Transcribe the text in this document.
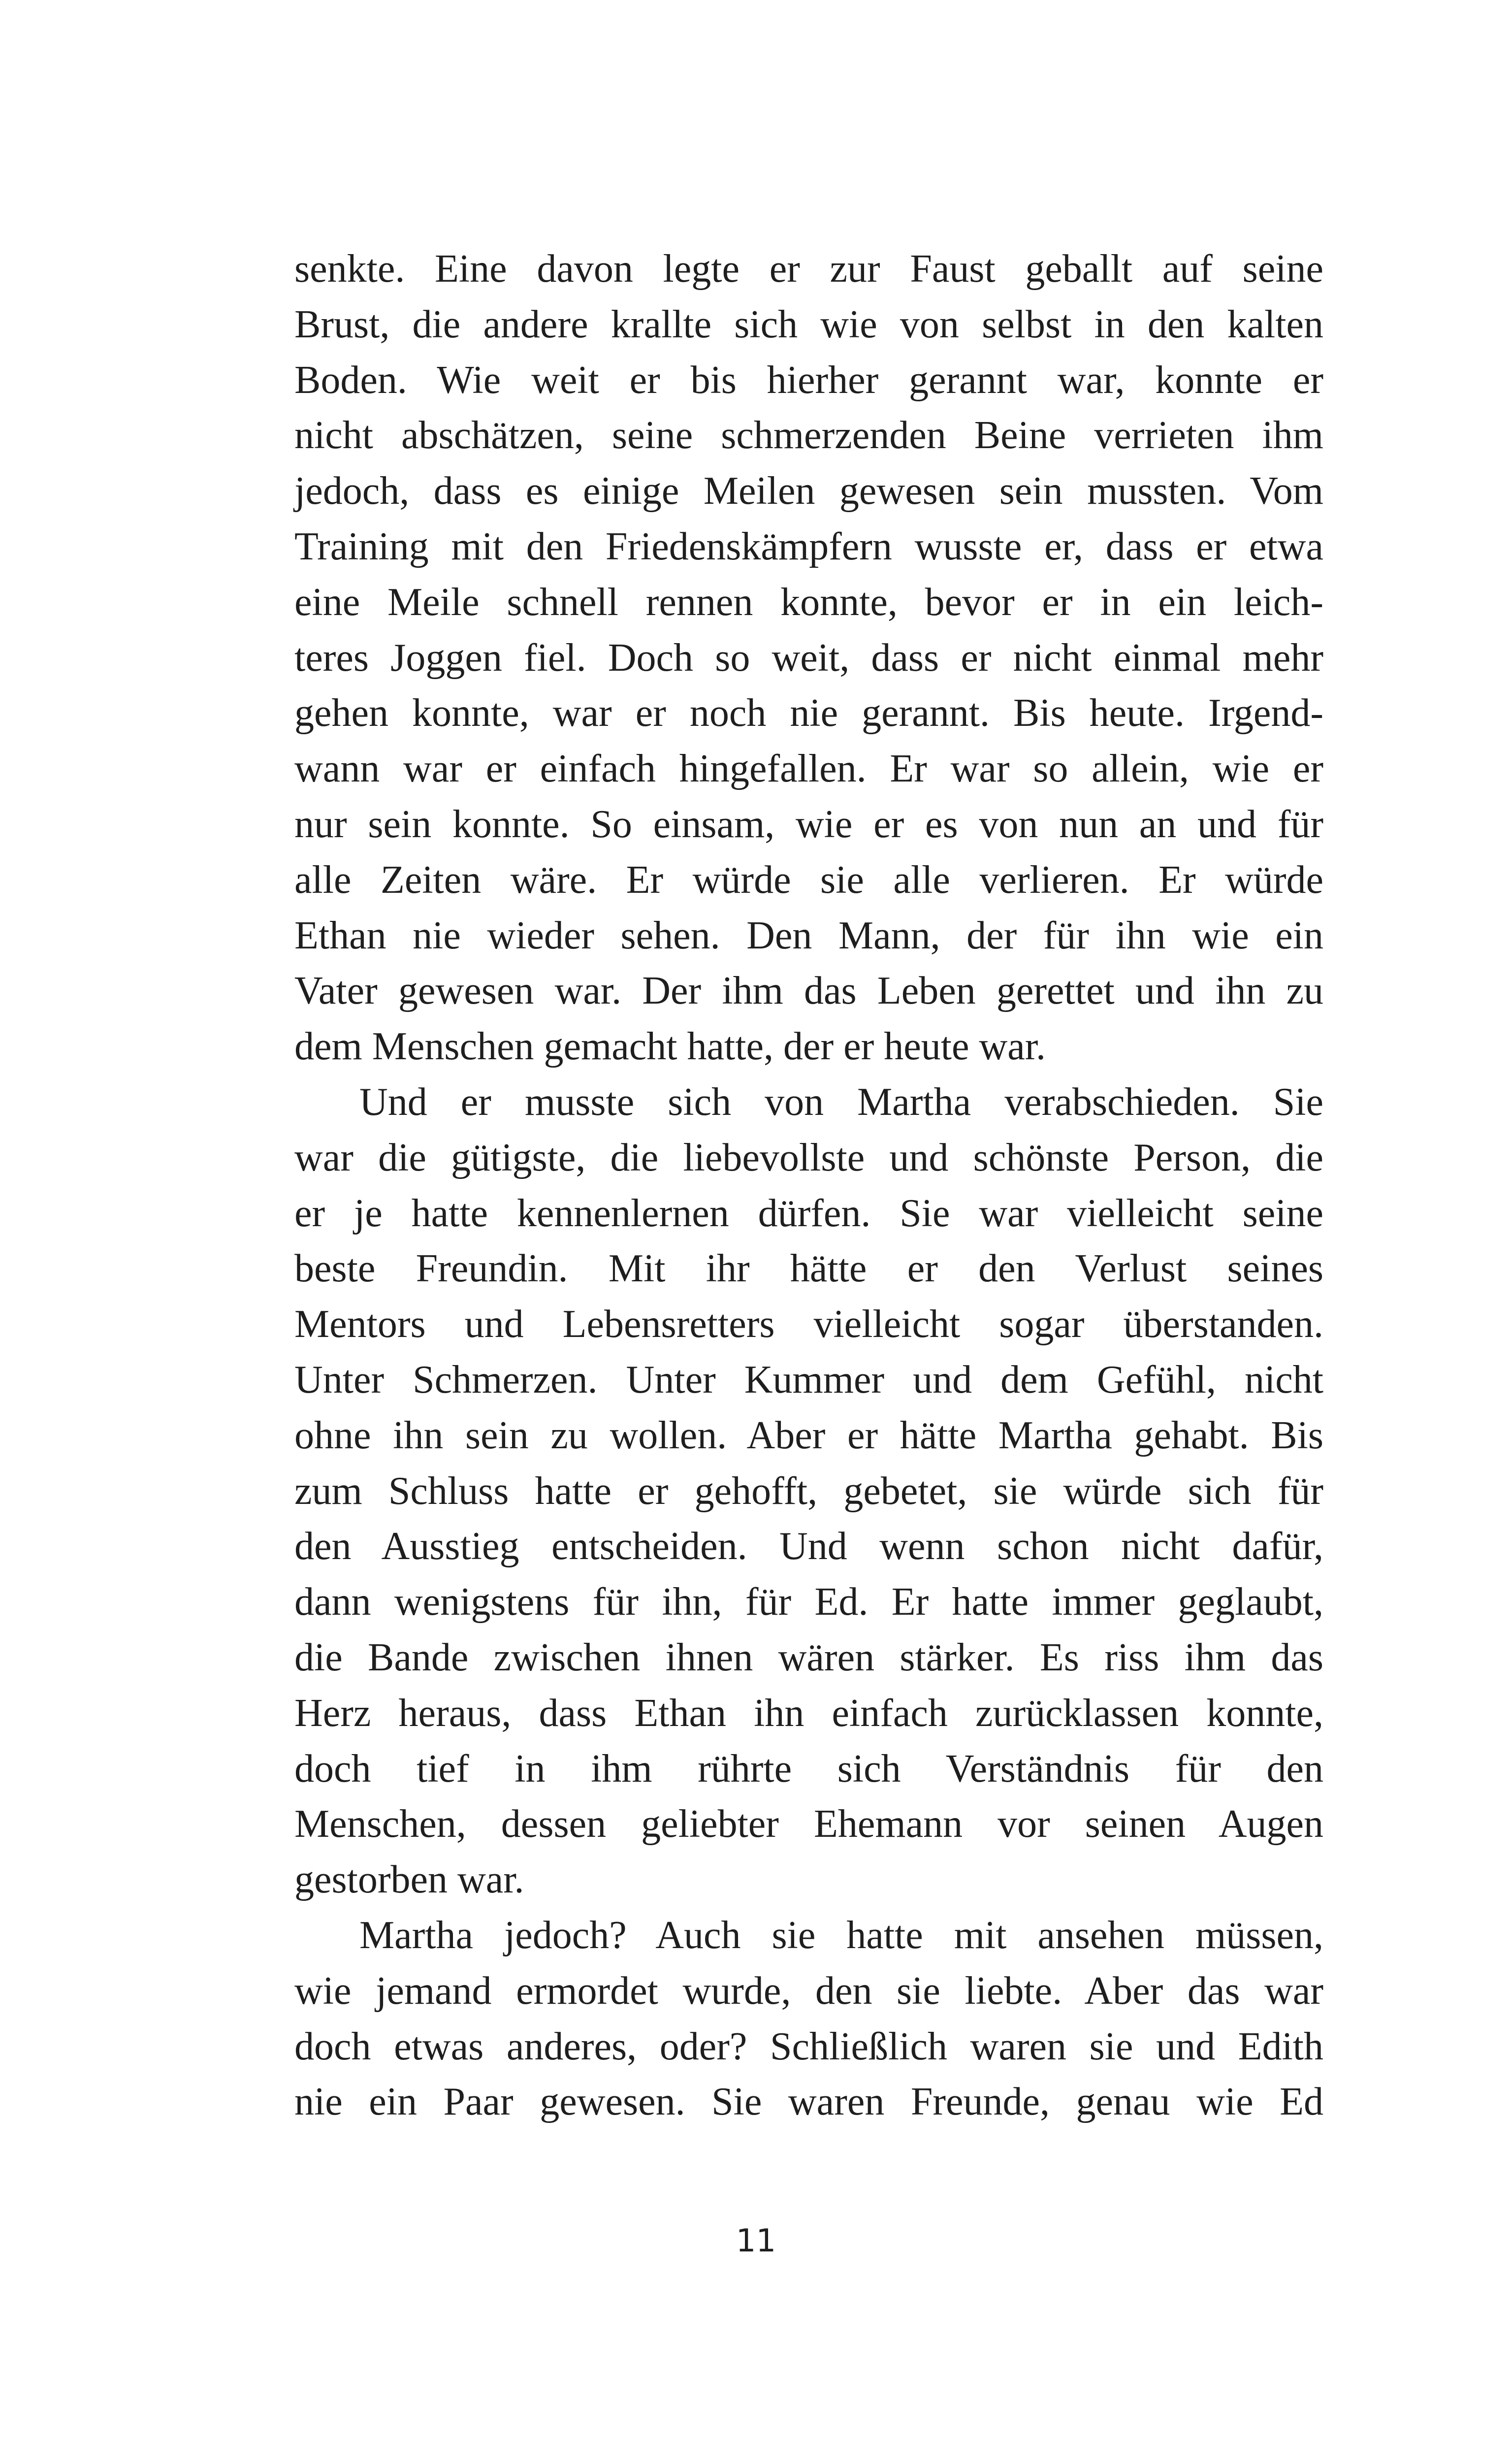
senkte. Eine davon legte er zur Faust geballt auf seine
Brust, die andere krallte sich wie von selbst in den kalten
Boden. Wie weit er bis hierher gerannt war, konnte er
nicht abschätzen, seine schmerzenden Beine verrieten ihm
jedoch, dass es einige Meilen gewesen sein mussten. Vom
Training mit den Friedenskämpfern wusste er, dass er etwa
eine Meile schnell rennen konnte, bevor er in ein leich-
teres Joggen fiel. Doch so weit, dass er nicht einmal mehr
gehen konnte, war er noch nie gerannt. Bis heute. Irgend-
wann war er einfach hingefallen. Er war so allein, wie er
nur sein konnte. So einsam, wie er es von nun an und für
alle Zeiten wäre. Er würde sie alle verlieren. Er würde
Ethan nie wieder sehen. Den Mann, der für ihn wie ein
Vater gewesen war. Der ihm das Leben gerettet und ihn zu
dem Menschen gemacht hatte, der er heute war.
Und er musste sich von Martha verabschieden. Sie
war die gütigste, die liebevollste und schönste Person, die
er je hatte kennenlernen dürfen. Sie war vielleicht seine
beste Freundin. Mit ihr hätte er den Verlust seines
Mentors und Lebensretters vielleicht sogar überstanden.
Unter Schmerzen. Unter Kummer und dem Gefühl, nicht
ohne ihn sein zu wollen. Aber er hätte Martha gehabt. Bis
zum Schluss hatte er gehofft, gebetet, sie würde sich für
den Ausstieg entscheiden. Und wenn schon nicht dafür,
dann wenigstens für ihn, für Ed. Er hatte immer geglaubt,
die Bande zwischen ihnen wären stärker. Es riss ihm das
Herz heraus, dass Ethan ihn einfach zurücklassen konnte,
doch tief in ihm rührte sich Verständnis für den
Menschen, dessen geliebter Ehemann vor seinen Augen
gestorben war.
Martha jedoch? Auch sie hatte mit ansehen müssen,
wie jemand ermordet wurde, den sie liebte. Aber das war
doch etwas anderes, oder? Schließlich waren sie und Edith
nie ein Paar gewesen. Sie waren Freunde, genau wie Ed
11
